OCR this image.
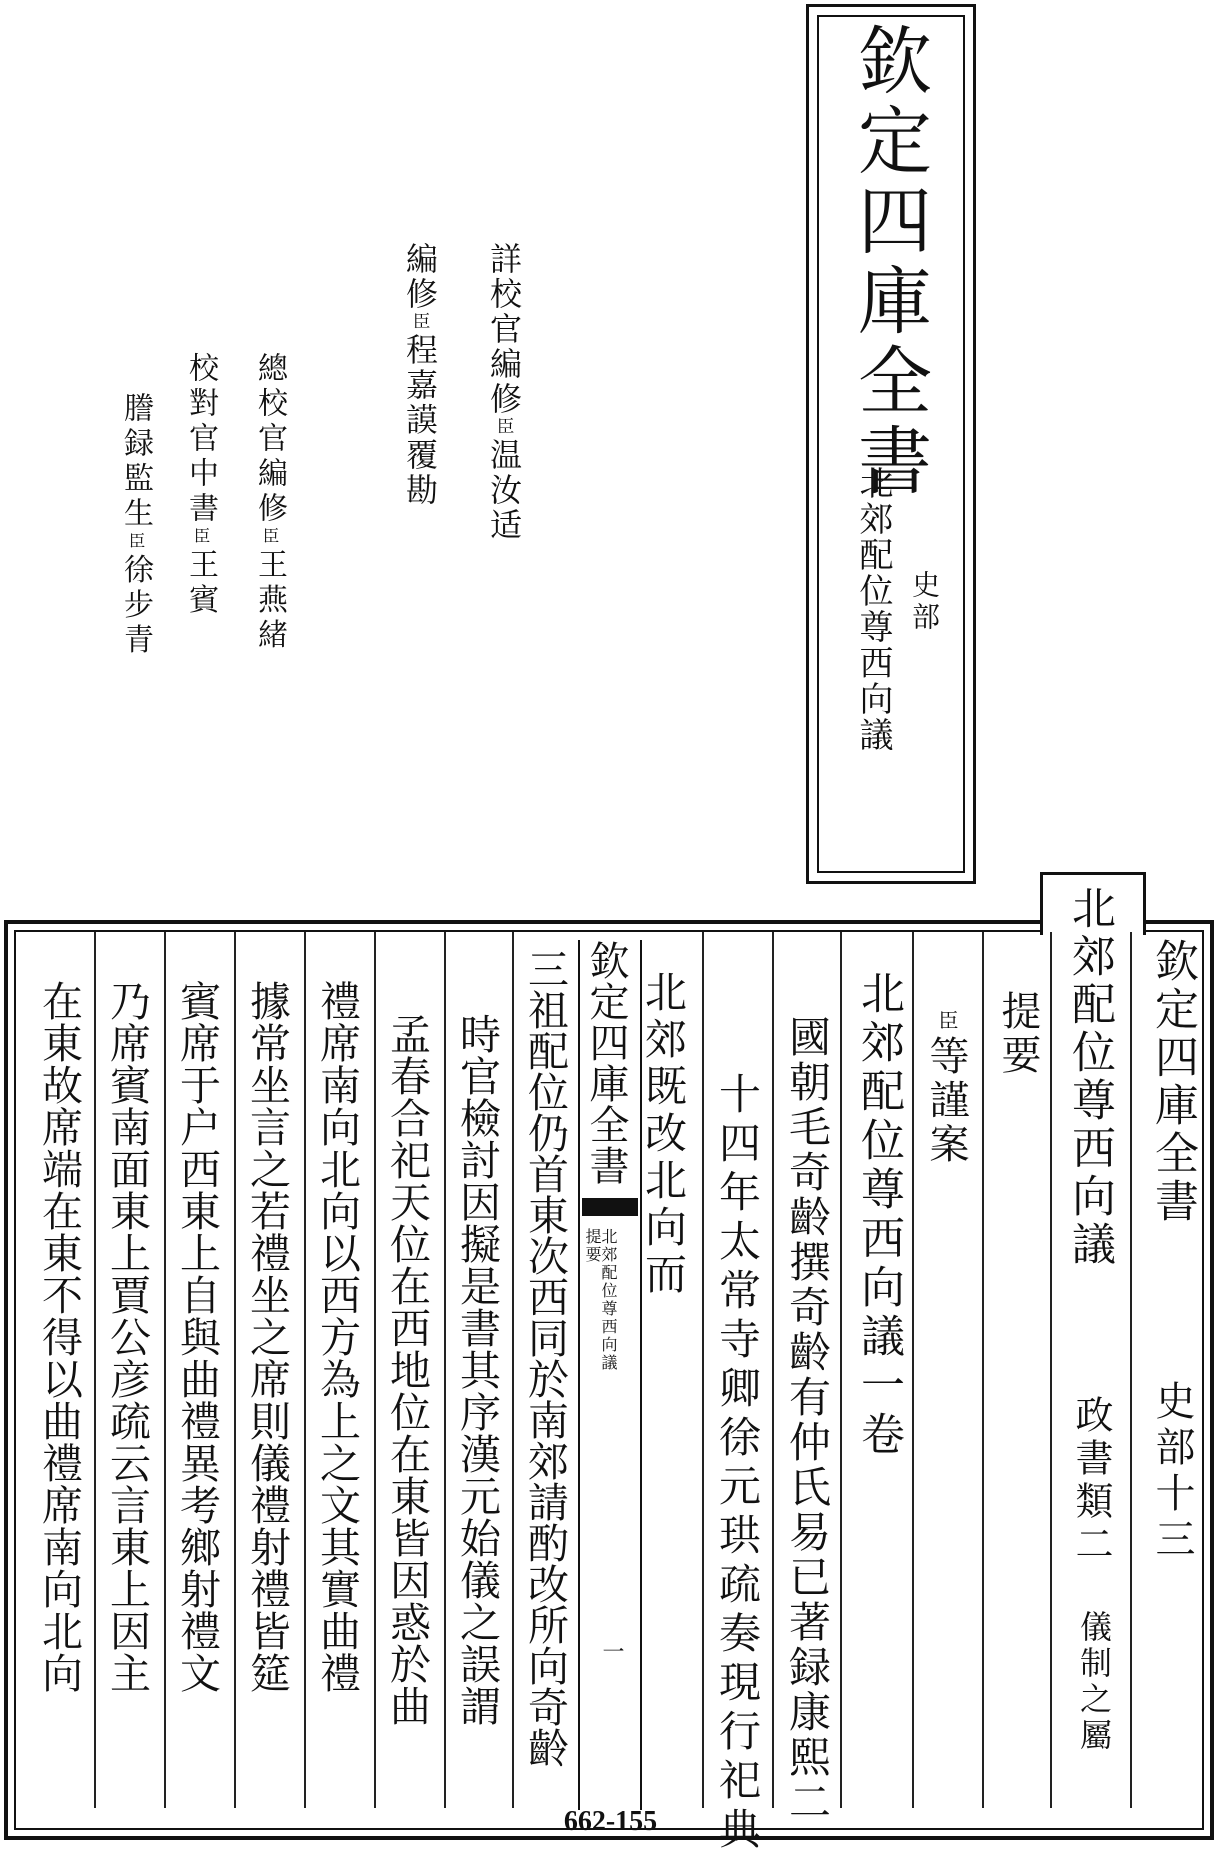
欽定四庫全書
北郊配位尊西向議 史部
詳校官編修臣温汝适
編修臣程嘉謨覆勘
總校官編修臣王燕緒
校對官中書臣王賓
謄録監生臣徐步青
欽定四庫全書
史部十三
北郊配位尊西向議
政書類二
儀制之屬
提要
臣
等謹案
北郊配位尊西向議一卷
國朝毛奇齡撰奇齡有仲氏易已著録康熙二
十四年太常寺卿徐元珙疏奏現行祀典
北郊既改北向而
欽定四庫全書
北郊配位尊西向議
提要
一
三祖配位仍首東次西同於南郊請酌改所向奇齡
時官檢討因擬是書其序漢元始儀之誤謂
孟春合祀天位在西地位在東皆因惑於曲
禮席南向北向以西方為上之文其實曲禮
據常坐言之若禮坐之席則儀禮射禮皆筵
賓席于户西東上自與曲禮異考鄉射禮文
乃席賓南面東上賈公彦疏云言東上因主
在東故席端在東不得以曲禮席南向北向
662-155
